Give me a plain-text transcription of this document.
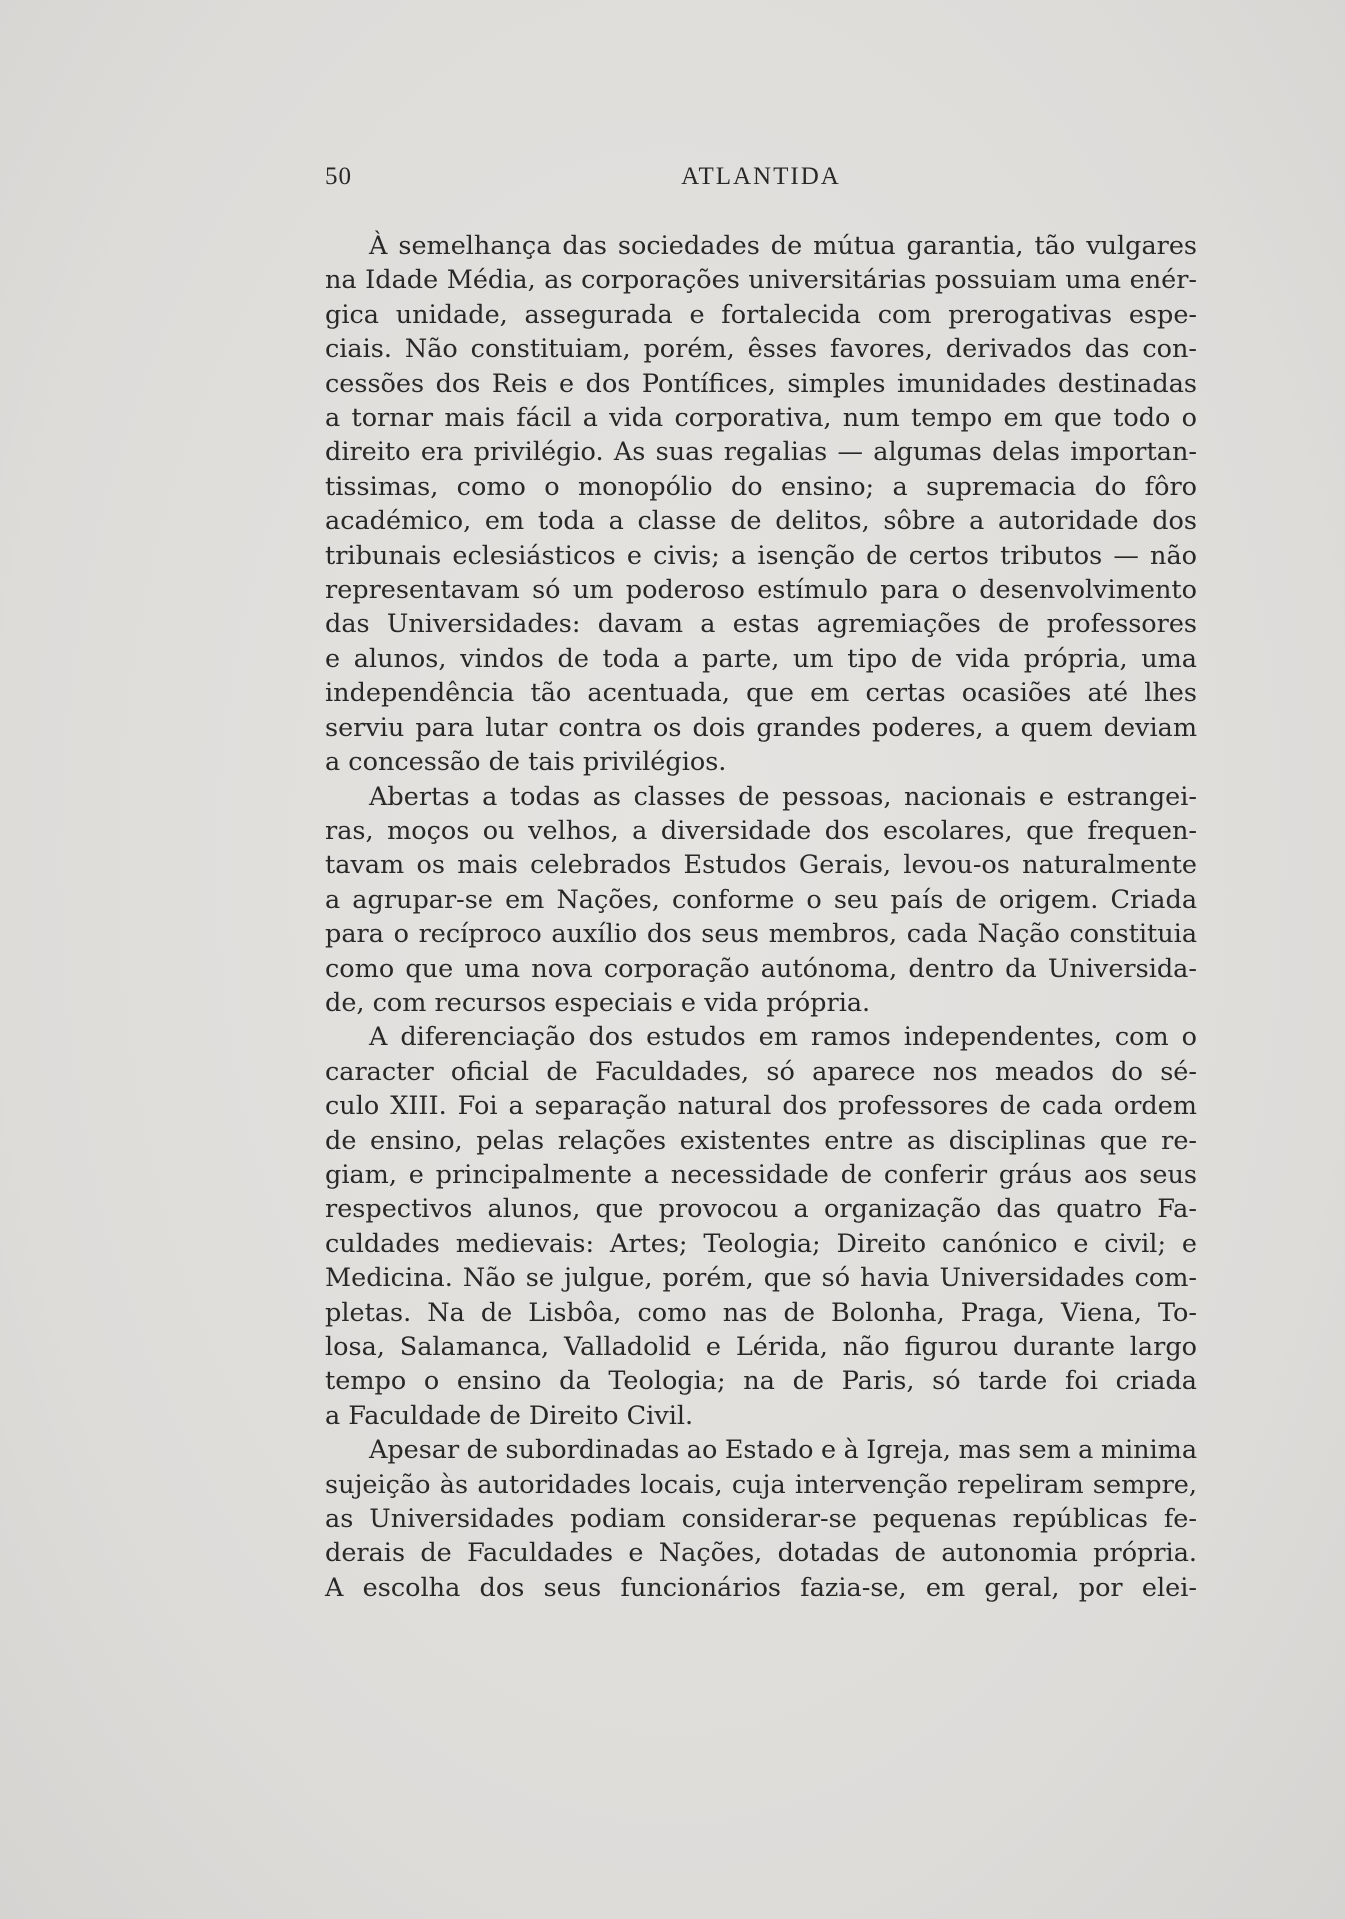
50	ATLANTIDA
À semelhança das sociedades de mútua garantia, tão vulgares
na Idade Média, as corporações universitárias possuiam uma enér-
gica unidade, assegurada e fortalecida com prerogativas espe-
ciais. Não constituiam, porém, êsses favores, derivados das con-
cessões dos Reis e dos Pontífices, simples imunidades destinadas
a tornar mais fácil a vida corporativa, num tempo em que todo o
direito era privilégio. As suas regalias — algumas delas importan-
tissimas, como o monopólio do ensino; a supremacia do fôro
académico, em toda a classe de delitos, sôbre a autoridade dos
tribunais eclesiásticos e civis; a isenção de certos tributos — não
representavam só um poderoso estímulo para o desenvolvimento
das Universidades: davam a estas agremiações de professores
e alunos, vindos de toda a parte, um tipo de vida própria, uma
independência tão acentuada, que em certas ocasiões até lhes
serviu para lutar contra os dois grandes poderes, a quem deviam
a concessão de tais privilégios.
Abertas a todas as classes de pessoas, nacionais e estrangei-
ras, moços ou velhos, a diversidade dos escolares, que frequen-
tavam os mais celebrados Estudos Gerais, levou-os naturalmente
a agrupar-se em Nações, conforme o seu país de origem. Criada
para o recíproco auxílio dos seus membros, cada Nação constituia
como que uma nova corporação autónoma, dentro da Universida-
de, com recursos especiais e vida própria.
A diferenciação dos estudos em ramos independentes, com o
caracter oficial de Faculdades, só aparece nos meados do sé-
culo XIII. Foi a separação natural dos professores de cada ordem
de ensino, pelas relações existentes entre as disciplinas que re-
giam, e principalmente a necessidade de conferir gráus aos seus
respectivos alunos, que provocou a organização das quatro Fa-
culdades medievais: Artes; Teologia; Direito canónico e civil; e
Medicina. Não se julgue, porém, que só havia Universidades com-
pletas. Na de Lisbôa, como nas de Bolonha, Praga, Viena, To-
losa, Salamanca, Valladolid e Lérida, não figurou durante largo
tempo o ensino da Teologia; na de Paris, só tarde foi criada
a Faculdade de Direito Civil.
Apesar de subordinadas ao Estado e à Igreja, mas sem a minima
sujeição às autoridades locais, cuja intervenção repeliram sempre,
as Universidades podiam considerar-se pequenas repúblicas fe-
derais de Faculdades e Nações, dotadas de autonomia própria.
A escolha dos seus funcionários fazia-se, em geral, por elei-
